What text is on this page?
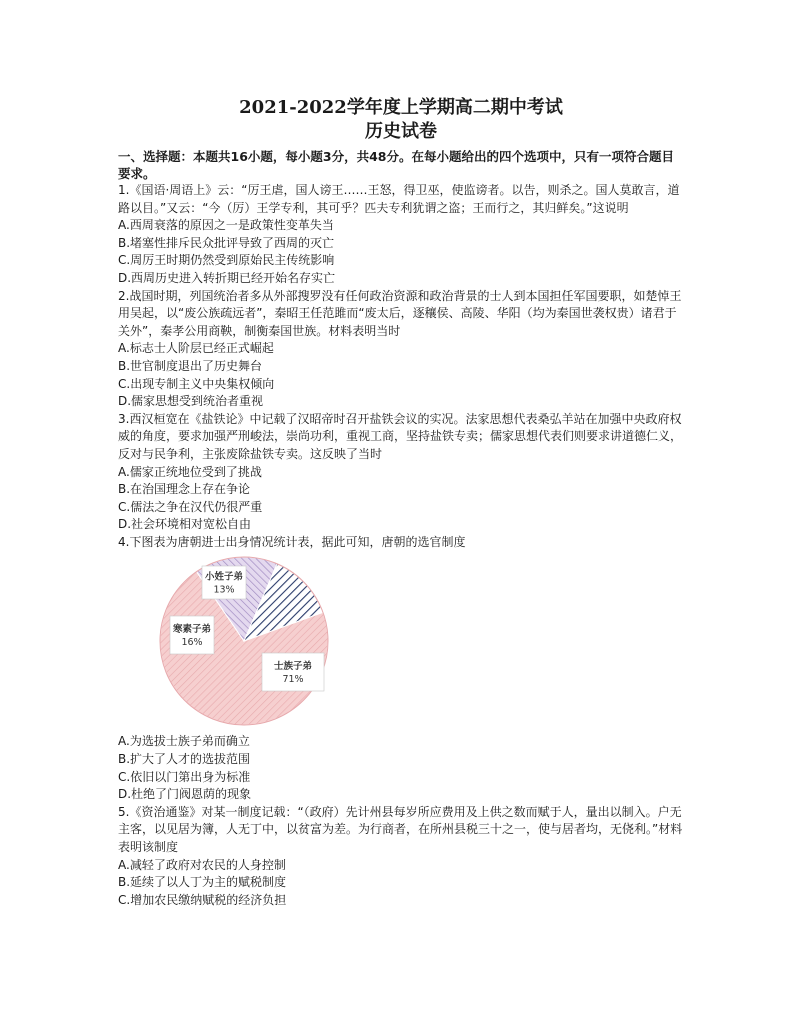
2021-2022学年度上学期高二期中考试

历史试卷

一、选择题：本题共16小题，每小题3分，共48分。在每小题给出的四个选项中，只有一项符合题目要求。

1.《国语·周语上》云：“厉王虐，国人谤王……王怒，得卫巫，使监谤者。以告，则杀之。国人莫敢言，道路以目。”又云：“今（厉）王学专利，其可乎？匹夫专利犹谓之盗；王而行之，其归鲜矣。”这说明

A.西周衰落的原因之一是政策性变革失当

B.堵塞性排斥民众批评导致了西周的灭亡

C.周厉王时期仍然受到原始民主传统影响

D.西周历史进入转折期已经开始名存实亡

2.战国时期，列国统治者多从外部搜罗没有任何政治资源和政治背景的士人到本国担任军国要职，如楚悼王用吴起，以“废公族疏远者”，秦昭王任范雎而“废太后，逐穰侯、高陵、华阳（均为秦国世袭权贵）诸君于关外”，秦孝公用商鞅，制衡秦国世族。材料表明当时

A.标志士人阶层已经正式崛起

B.世官制度退出了历史舞台

C.出现专制主义中央集权倾向

D.儒家思想受到统治者重视

3.西汉桓宽在《盐铁论》中记载了汉昭帝时召开盐铁会议的实况。法家思想代表桑弘羊站在加强中央政府权威的角度，要求加强严刑峻法，崇尚功利，重视工商，坚持盐铁专卖；儒家思想代表们则要求讲道德仁义，反对与民争利，主张废除盐铁专卖。这反映了当时

A.儒家正统地位受到了挑战

B.在治国理念上存在争论

C.儒法之争在汉代仍很严重

D.社会环境相对宽松自由

4.下图表为唐朝进士出身情况统计表，据此可知，唐朝的选官制度

士族子弟
71%
寒素子弟
16%
小姓子弟
13%

A.为选拔士族子弟而确立

B.扩大了人才的选拔范围

C.依旧以门第出身为标准

D.杜绝了门阀恩荫的现象

5.《资治通鉴》对某一制度记载：“（政府）先计州县每岁所应费用及上供之数而赋于人，量出以制入。户无主客，以见居为簿，人无丁中，以贫富为差。为行商者，在所州县税三十之一，使与居者均，无侥利。”材料表明该制度

A.减轻了政府对农民的人身控制

B.延续了以人丁为主的赋税制度

C.增加农民缴纳赋税的经济负担
